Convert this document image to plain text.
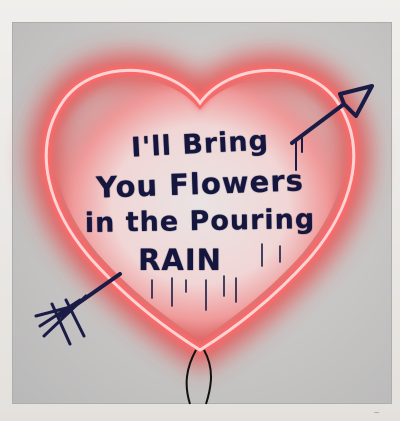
I'll Bring
You Flowers
in the Pouring
RAIN
~
